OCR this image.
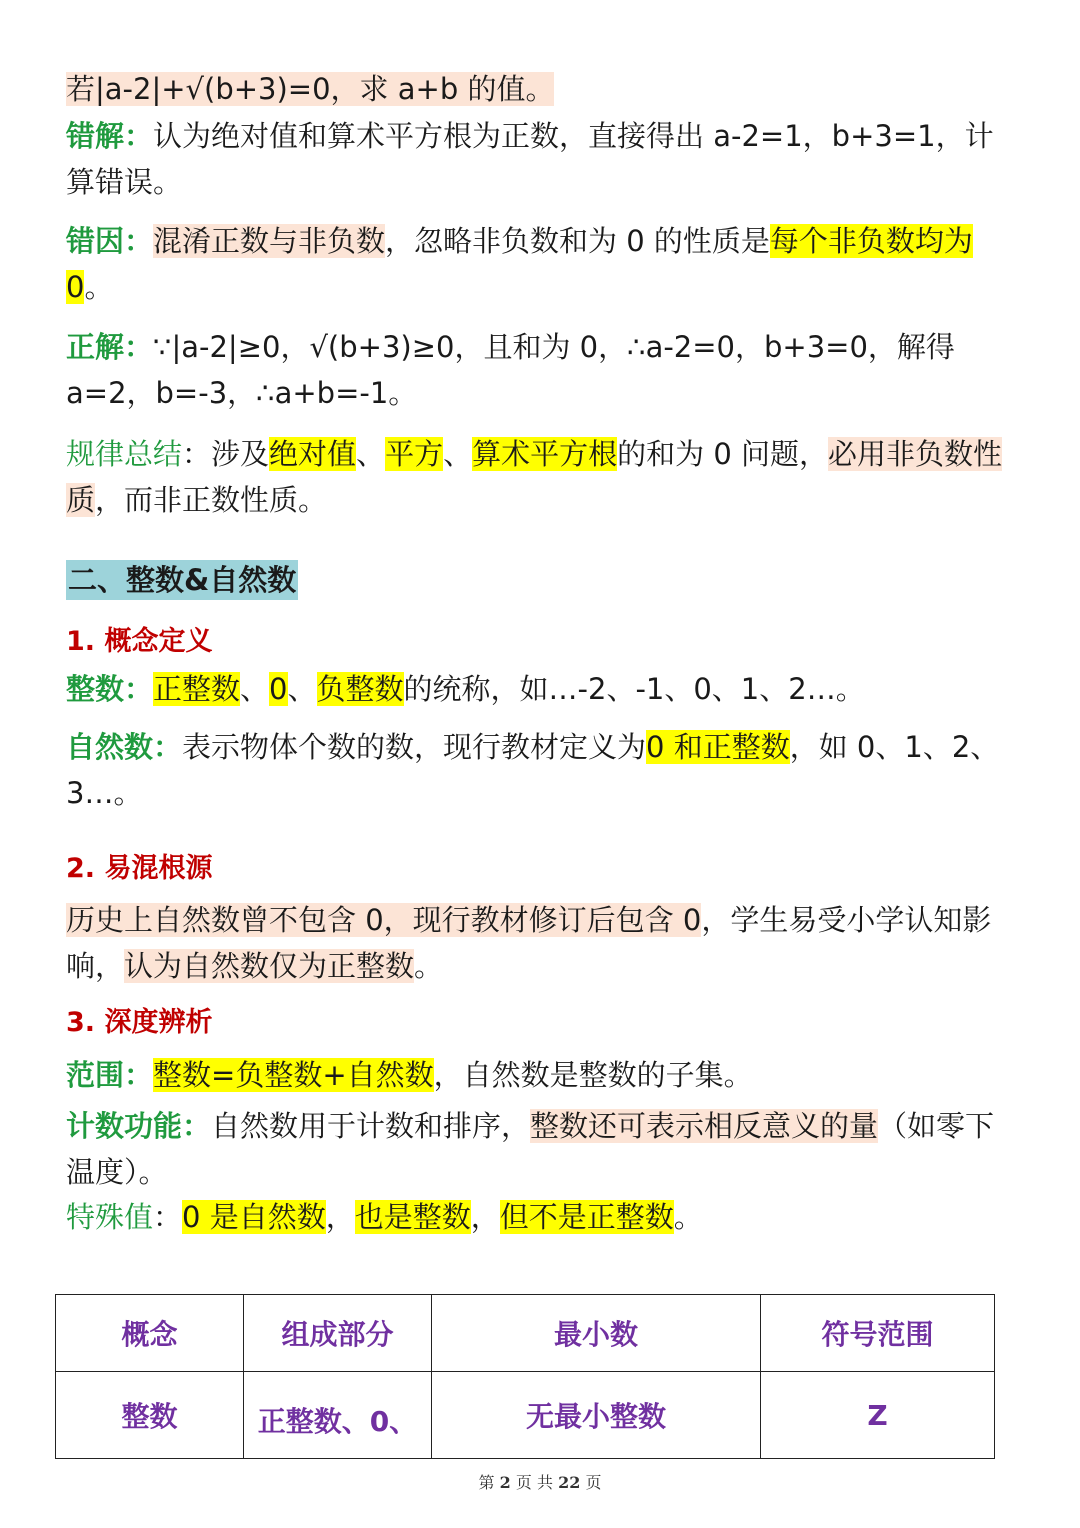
若|a-2|+√(b+3)=0，求 a+b 的值。

错解：认为绝对值和算术平方根为正数，直接得出 a-2=1，b+3=1，计算错误。

错因：混淆正数与非负数，忽略非负数和为 0 的性质是每个非负数均为 0。

正解：∵|a-2|≥0，√(b+3)≥0，且和为 0，∴a-2=0，b+3=0，解得 a=2，b=-3，∴a+b=-1。

规律总结：涉及绝对值、平方、算术平方根的和为 0 问题，必用非负数性质，而非正数性质。

二、整数&自然数

1. 概念定义

整数：正整数、0、负整数的统称，如…-2、-1、0、1、2…。

自然数：表示物体个数的数，现行教材定义为0 和正整数，如 0、1、2、3…。

2. 易混根源

历史上自然数曾不包含 0，现行教材修订后包含 0，学生易受小学认知影响，认为自然数仅为正整数。

3. 深度辨析

范围：整数=负整数+自然数，自然数是整数的子集。

计数功能：自然数用于计数和排序，整数还可表示相反意义的量（如零下温度）。

特殊值：0 是自然数，也是整数，但不是正整数。

概念	组成部分	最小数	符号范围
整数	正整数、0、	无最小整数	Z
第 2 页 共 22 页
